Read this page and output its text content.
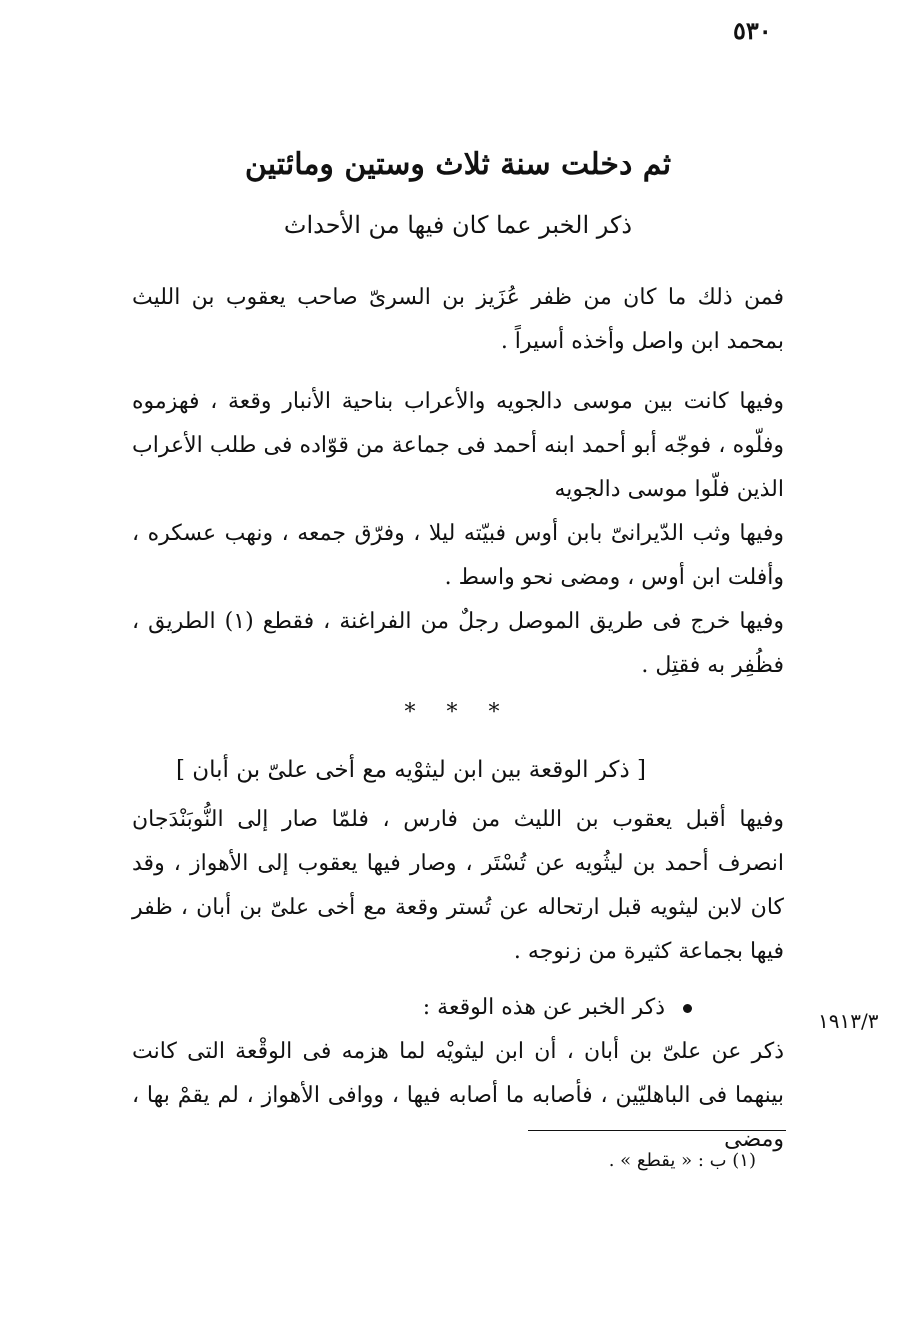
٥٣٠
ثم دخلت سنة ثلاث وستين ومائتين
ذكر الخبر عما كان فيها من الأحداث

فمن ذلك ما كان من ظفر عُزَيز بن السرىّ صاحب يعقوب بن الليث بمحمد ابن واصل وأخذه أسيراً .

وفيها كانت بين موسى دالجويه والأعراب بناحية الأنبار وقعة ، فهزموه وفلّوه ، فوجّه أبو أحمد ابنه أحمد فى جماعة من قوّاده فى طلب الأعراب الذين فلّوا موسى دالجويه

وفيها وثب الدّيرانىّ بابن أوس فبيّته ليلا ، وفرّق جمعه ، ونهب عسكره ، وأفلت ابن أوس ، ومضى نحو واسط .

وفيها خرج فى طريق الموصل رجلٌ من الفراغنة ، فقطع (١) الطريق ، فظُفِر به فقتِل .

* * *
[ ذكر الوقعة بين ابن ليثوْيه مع أخى علىّ بن أبان ]

وفيها أقبل يعقوب بن الليث من فارس ، فلمّا صار إلى النُّوبَنْدَجان انصرف أحمد بن ليثُويه عن تُسْتَر ، وصار فيها يعقوب إلى الأهواز ، وقد كان لابن ليثويه قبل ارتحاله عن تُستر وقعة مع أخى علىّ بن أبان ، ظفر فيها بجماعة كثيرة من زنوجه .

ذكر الخبر عن هذه الوقعة :
١٩١٣/٣

ذكر عن علىّ بن أبان ، أن ابن ليثويْه لما هزمه فى الوقْعة التى كانت بينهما فى الباهليّين ، فأصابه ما أصابه فيها ، ووافى الأهواز ، لم يقمْ بها ، ومضى

(١) ب : « يقطع » .
